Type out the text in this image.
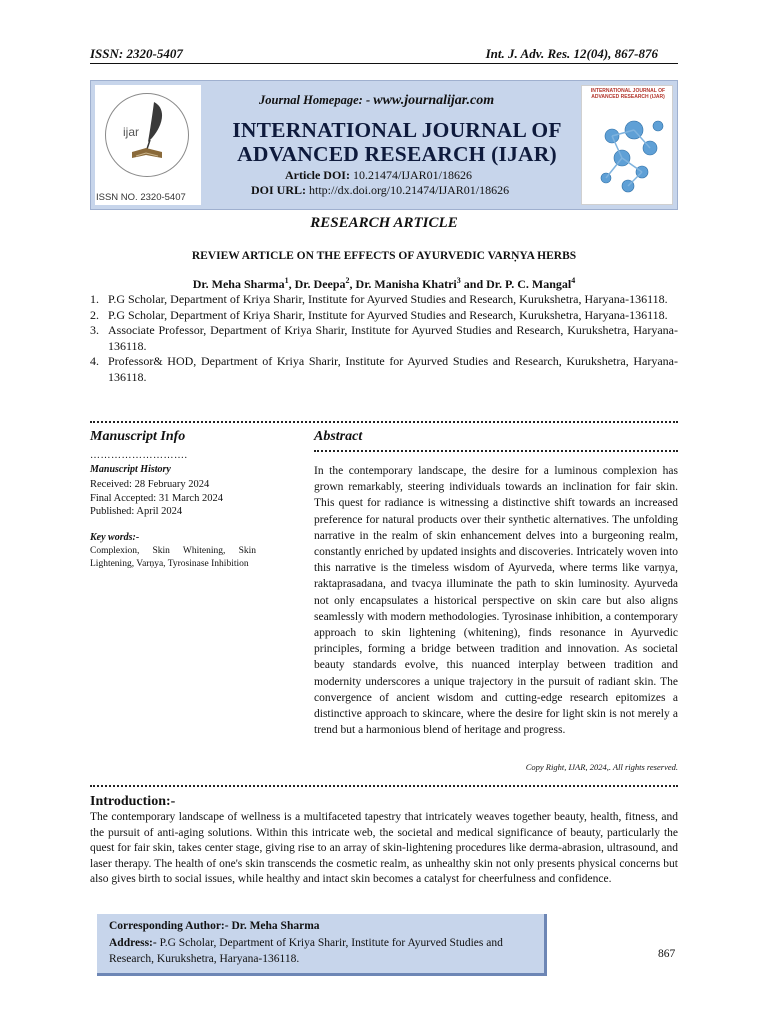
ISSN: 2320-5407	Int. J. Adv. Res. 12(04), 867-876
ijar
ISSN NO. 2320-5407
Journal Homepage: - www.journalijar.com
INTERNATIONAL JOURNAL OF
ADVANCED RESEARCH (IJAR)
Article DOI: 10.21474/IJAR01/18626
DOI URL: http://dx.doi.org/10.21474/IJAR01/18626
INTERNATIONAL JOURNAL OF ADVANCED RESEARCH (IJAR)
RESEARCH ARTICLE
REVIEW ARTICLE ON THE EFFECTS OF AYURVEDIC VARṆYA HERBS
Dr. Meha Sharma$^1$, Dr. Deepa$^2$, Dr. Manisha Khatri$^3$ and Dr. P. C. Mangal$^4$
1. P.G Scholar, Department of Kriya Sharir, Institute for Ayurved Studies and Research, Kurukshetra, Haryana-136118.
2. P.G Scholar, Department of Kriya Sharir, Institute for Ayurved Studies and Research, Kurukshetra, Haryana-136118.
3. Associate Professor, Department of Kriya Sharir, Institute for Ayurved Studies and Research, Kurukshetra, Haryana-136118.
4. Professor& HOD, Department of Kriya Sharir, Institute for Ayurved Studies and Research, Kurukshetra, Haryana-136118.
Manuscript Info
……………………….
Manuscript History
Received: 28 February 2024
Final Accepted: 31 March 2024
Published: April 2024
Key words:-
Complexion, Skin Whitening, Skin Lightening, Varṇya, Tyrosinase Inhibition
Abstract
In the contemporary landscape, the desire for a luminous complexion has grown remarkably, steering individuals towards an inclination for fair skin. This quest for radiance is witnessing a distinctive shift towards an increased preference for natural products over their synthetic alternatives. The unfolding narrative in the realm of skin enhancement delves into a burgeoning realm, constantly enriched by updated insights and discoveries. Intricately woven into this narrative is the timeless wisdom of Ayurveda, where terms like varṇya, raktaprasadana, and tvacya illuminate the path to skin luminosity. Ayurveda not only encapsulates a historical perspective on skin care but also aligns seamlessly with modern methodologies. Tyrosinase inhibition, a contemporary approach to skin lightening (whitening), finds resonance in Ayurvedic principles, forming a bridge between tradition and innovation. As societal beauty standards evolve, this nuanced interplay between tradition and modernity underscores a unique trajectory in the pursuit of radiant skin. The convergence of ancient wisdom and cutting-edge research epitomizes a distinctive approach to skincare, where the desire for light skin is not merely a trend but a harmonious blend of heritage and progress.
Copy Right, IJAR, 2024,. All rights reserved.
Introduction:-
The contemporary landscape of wellness is a multifaceted tapestry that intricately weaves together beauty, health, fitness, and the pursuit of anti-aging solutions. Within this intricate web, the societal and medical significance of beauty, particularly the quest for fair skin, takes center stage, giving rise to an array of skin-lightening procedures like derma-abrasion, ultrasound, and laser therapy. The health of one's skin transcends the cosmetic realm, as unhealthy skin not only presents physical concerns but also gives birth to social issues, while healthy and intact skin becomes a catalyst for cheerfulness and confidence.
Corresponding Author:- Dr. Meha Sharma
Address:- P.G Scholar, Department of Kriya Sharir, Institute for Ayurved Studies and Research, Kurukshetra, Haryana-136118.	867
